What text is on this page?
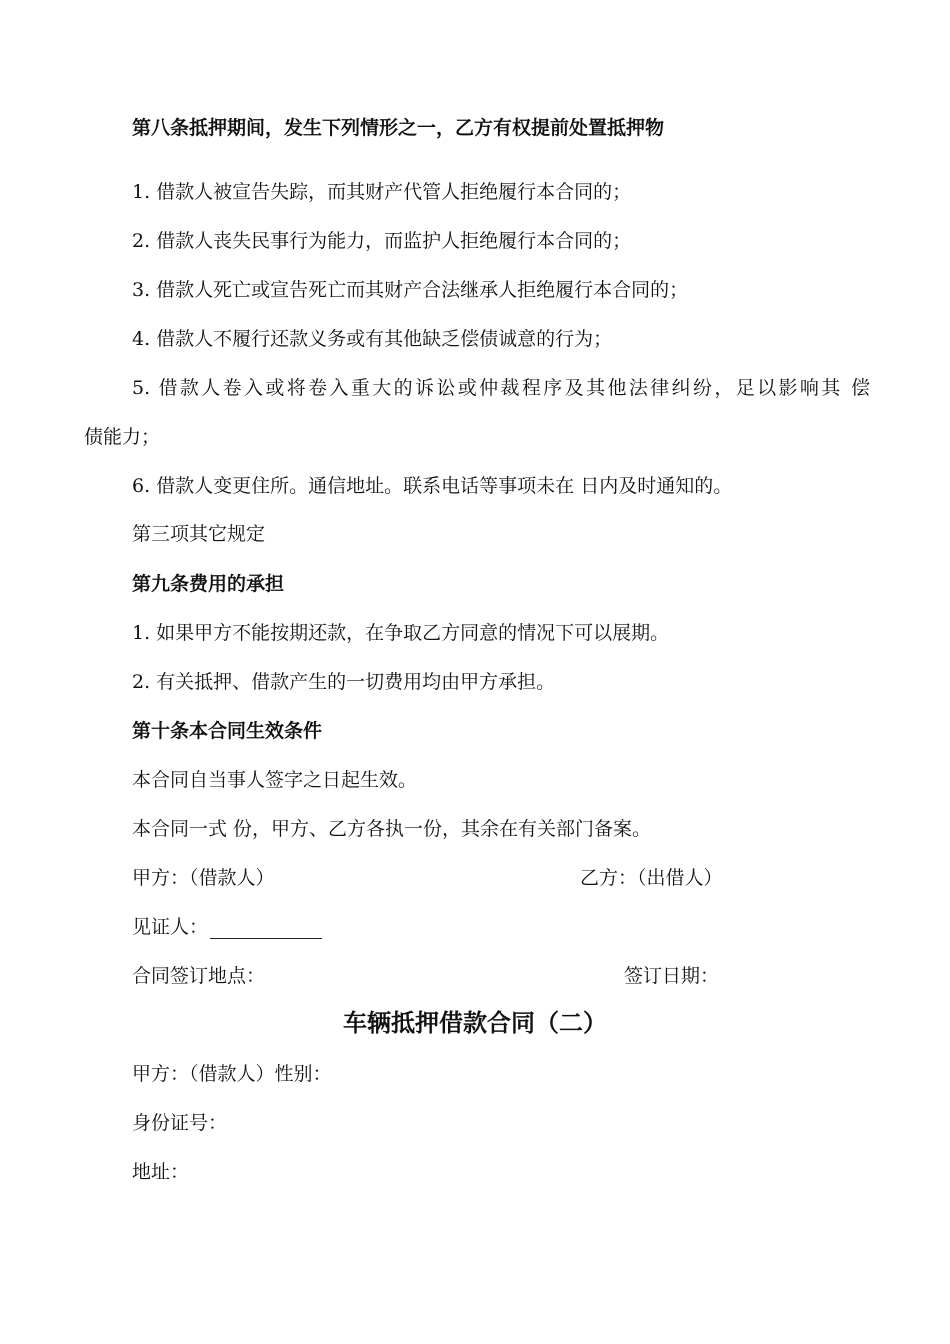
第八条抵押期间，发生下列情形之一，乙方有权提前处置抵押物
1. 借款人被宣告失踪，而其财产代管人拒绝履行本合同的；
2. 借款人丧失民事行为能力，而监护人拒绝履行本合同的；
3. 借款人死亡或宣告死亡而其财产合法继承人拒绝履行本合同的；
4. 借款人不履行还款义务或有其他缺乏偿债诚意的行为；
5. 借款人卷入或将卷入重大的诉讼或仲裁程序及其他法律纠纷，足以影响其 偿
债能力；
6. 借款人变更住所。通信地址。联系电话等事项未在 日内及时通知的。
第三项其它规定
第九条费用的承担
1. 如果甲方不能按期还款，在争取乙方同意的情况下可以展期。
2. 有关抵押、借款产生的一切费用均由甲方承担。
第十条本合同生效条件
本合同自当事人签字之日起生效。
本合同一式 份，甲方、乙方各执一份，其余在有关部门备案。
甲方：（借款人）	乙方：（出借人）
见证人：
合同签订地点：	签订日期：
车辆抵押借款合同（二）
甲方：（借款人）性别：
身份证号：
地址：
